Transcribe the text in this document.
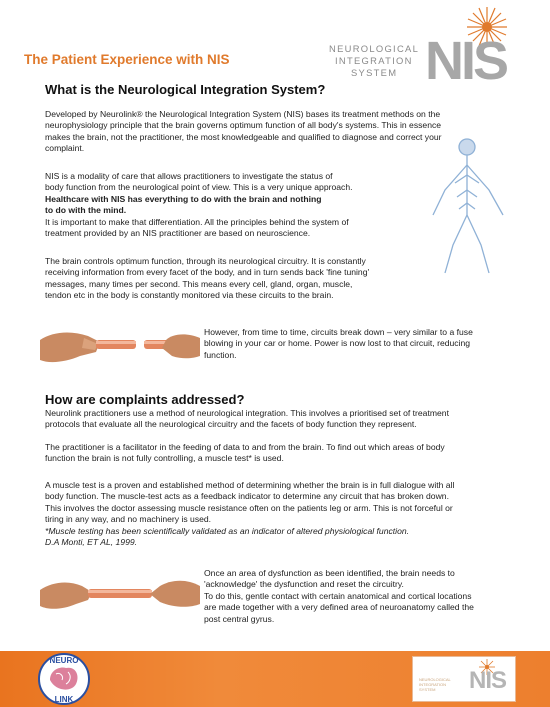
The Patient Experience with NIS
NEUROLOGICAL
INTEGRATION
SYSTEM NIS
What is the Neurological Integration System?
Developed by Neurolink® the Neurological Integration System (NIS) bases its treatment methods on the
neurophysiology principle that the brain governs optimum function of all body's systems. This in essence
makes the brain, not the practitioner, the most knowledgeable and qualified to diagnose and correct your
complaint.
NIS is a modality of care that allows practitioners to investigate the status of
body function from the neurological point of view. This is a very unique approach.
Healthcare with NIS has everything to do with the brain and nothing
to do with the mind.
It is important to make that differentiation. All the principles behind the system of
treatment provided by an NIS practitioner are based on neuroscience.
The brain controls optimum function, through its neurological circuitry. It is constantly
receiving information from every facet of the body, and in turn sends back 'fine tuning'
messages, many times per second. This means every cell, gland, organ, muscle,
tendon etc in the body is constantly monitored via these circuits to the brain.
However, from time to time, circuits break down – very similar to a fuse
blowing in your car or home. Power is now lost to that circuit, reducing
function.
How are complaints addressed?
Neurolink practitioners use a method of neurological integration. This involves a prioritised set of treatment
protocols that evaluate all the neurological circuitry and the facets of body function they represent.
The practitioner is a facilitator in the feeding of data to and from the brain. To find out which areas of body
function the brain is not fully controlling, a muscle test* is used.
A muscle test is a proven and established method of determining whether the brain is in full dialogue with all
body function. The muscle-test acts as a feedback indicator to determine any circuit that has broken down.
This involves the doctor assessing muscle resistance often on the patients leg or arm. This is not forceful or
tiring in any way, and no machinery is used.
*Muscle testing has been scientifically validated as an indicator of altered physiological function.
D.A Monti, ET AL, 1999.
Once an area of dysfunction as been identified, the brain needs to
'acknowledge' the dysfunction and reset the circuitry.
To do this, gentle contact with certain anatomical and cortical locations
are made together with a very defined area of neuroanatomy called the
post central gyrus.
NEURO
LINK
NEUROLOGICAL
INTEGRATION
SYSTEM	NIS
